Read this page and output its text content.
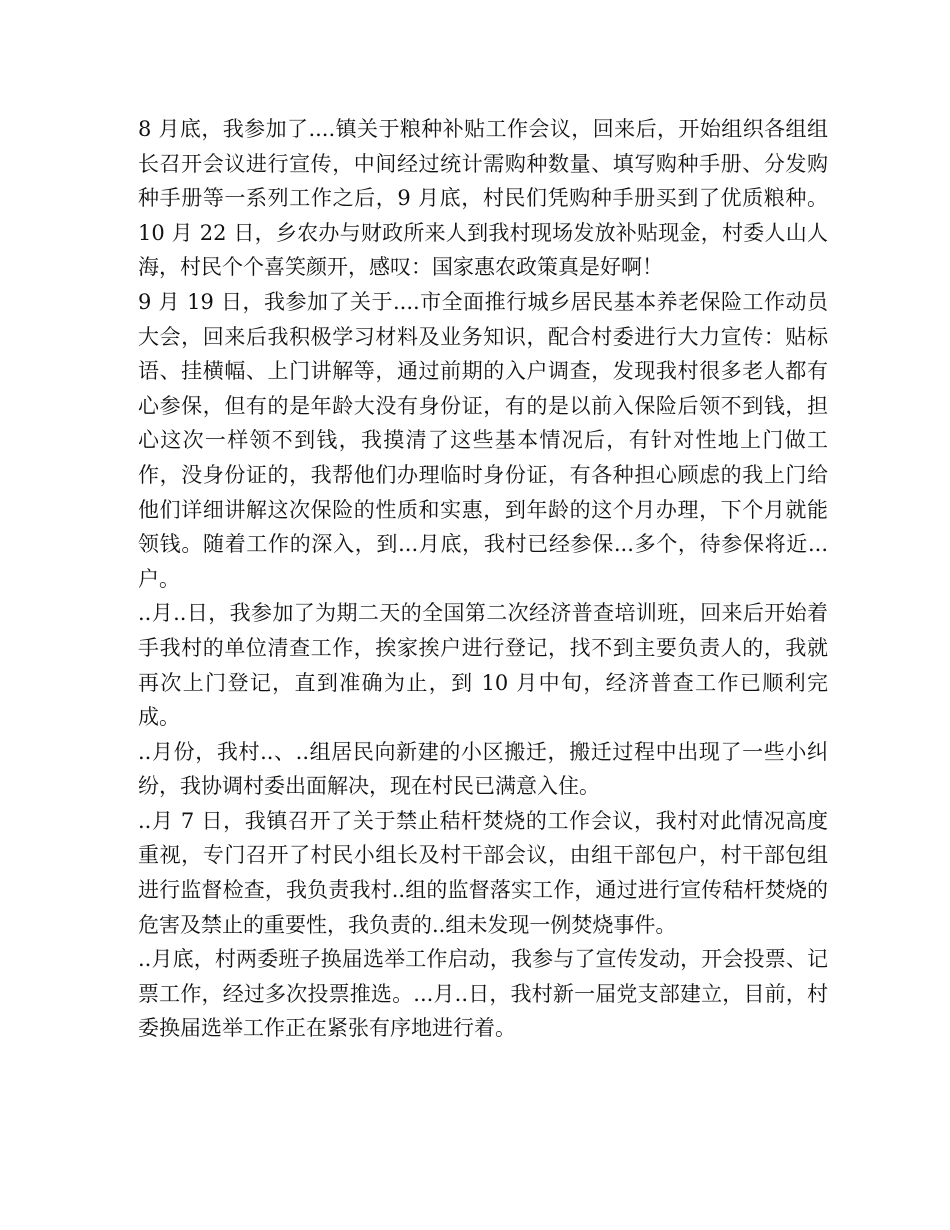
8 月底，我参加了....镇关于粮种补贴工作会议，回来后，开始组织各组组长召开会议进行宣传，中间经过统计需购种数量、填写购种手册、分发购种手册等一系列工作之后，9 月底，村民们凭购种手册买到了优质粮种。 10 月 22 日，乡农办与财政所来人到我村现场发放补贴现金，村委人山人海，村民个个喜笑颜开，感叹：国家惠农政策真是好啊！

9 月 19 日，我参加了关于....市全面推行城乡居民基本养老保险工作动员大会，回来后我积极学习材料及业务知识，配合村委进行大力宣传：贴标语、挂横幅、上门讲解等，通过前期的入户调查，发现我村很多老人都有心参保，但有的是年龄大没有身份证，有的是以前入保险后领不到钱，担心这次一样领不到钱，我摸清了这些基本情况后，有针对性地上门做工作，没身份证的，我帮他们办理临时身份证，有各种担心顾虑的我上门给他们详细讲解这次保险的性质和实惠，到年龄的这个月办理，下个月就能领钱。随着工作的深入，到...月底，我村已经参保...多个，待参保将近...户。

..月..日，我参加了为期二天的全国第二次经济普查培训班，回来后开始着手我村的单位清查工作，挨家挨户进行登记，找不到主要负责人的，我就再次上门登记，直到准确为止，到 10 月中旬，经济普查工作已顺利完成。

..月份，我村..、..组居民向新建的小区搬迁，搬迁过程中出现了一些小纠纷，我协调村委出面解决，现在村民已满意入住。

..月 7 日，我镇召开了关于禁止秸杆焚烧的工作会议，我村对此情况高度重视，专门召开了村民小组长及村干部会议，由组干部包户，村干部包组进行监督检查，我负责我村..组的监督落实工作，通过进行宣传秸杆焚烧的危害及禁止的重要性，我负责的..组未发现一例焚烧事件。

..月底，村两委班子换届选举工作启动，我参与了宣传发动，开会投票、记票工作，经过多次投票推选。...月..日，我村新一届党支部建立，目前，村委换届选举工作正在紧张有序地进行着。
